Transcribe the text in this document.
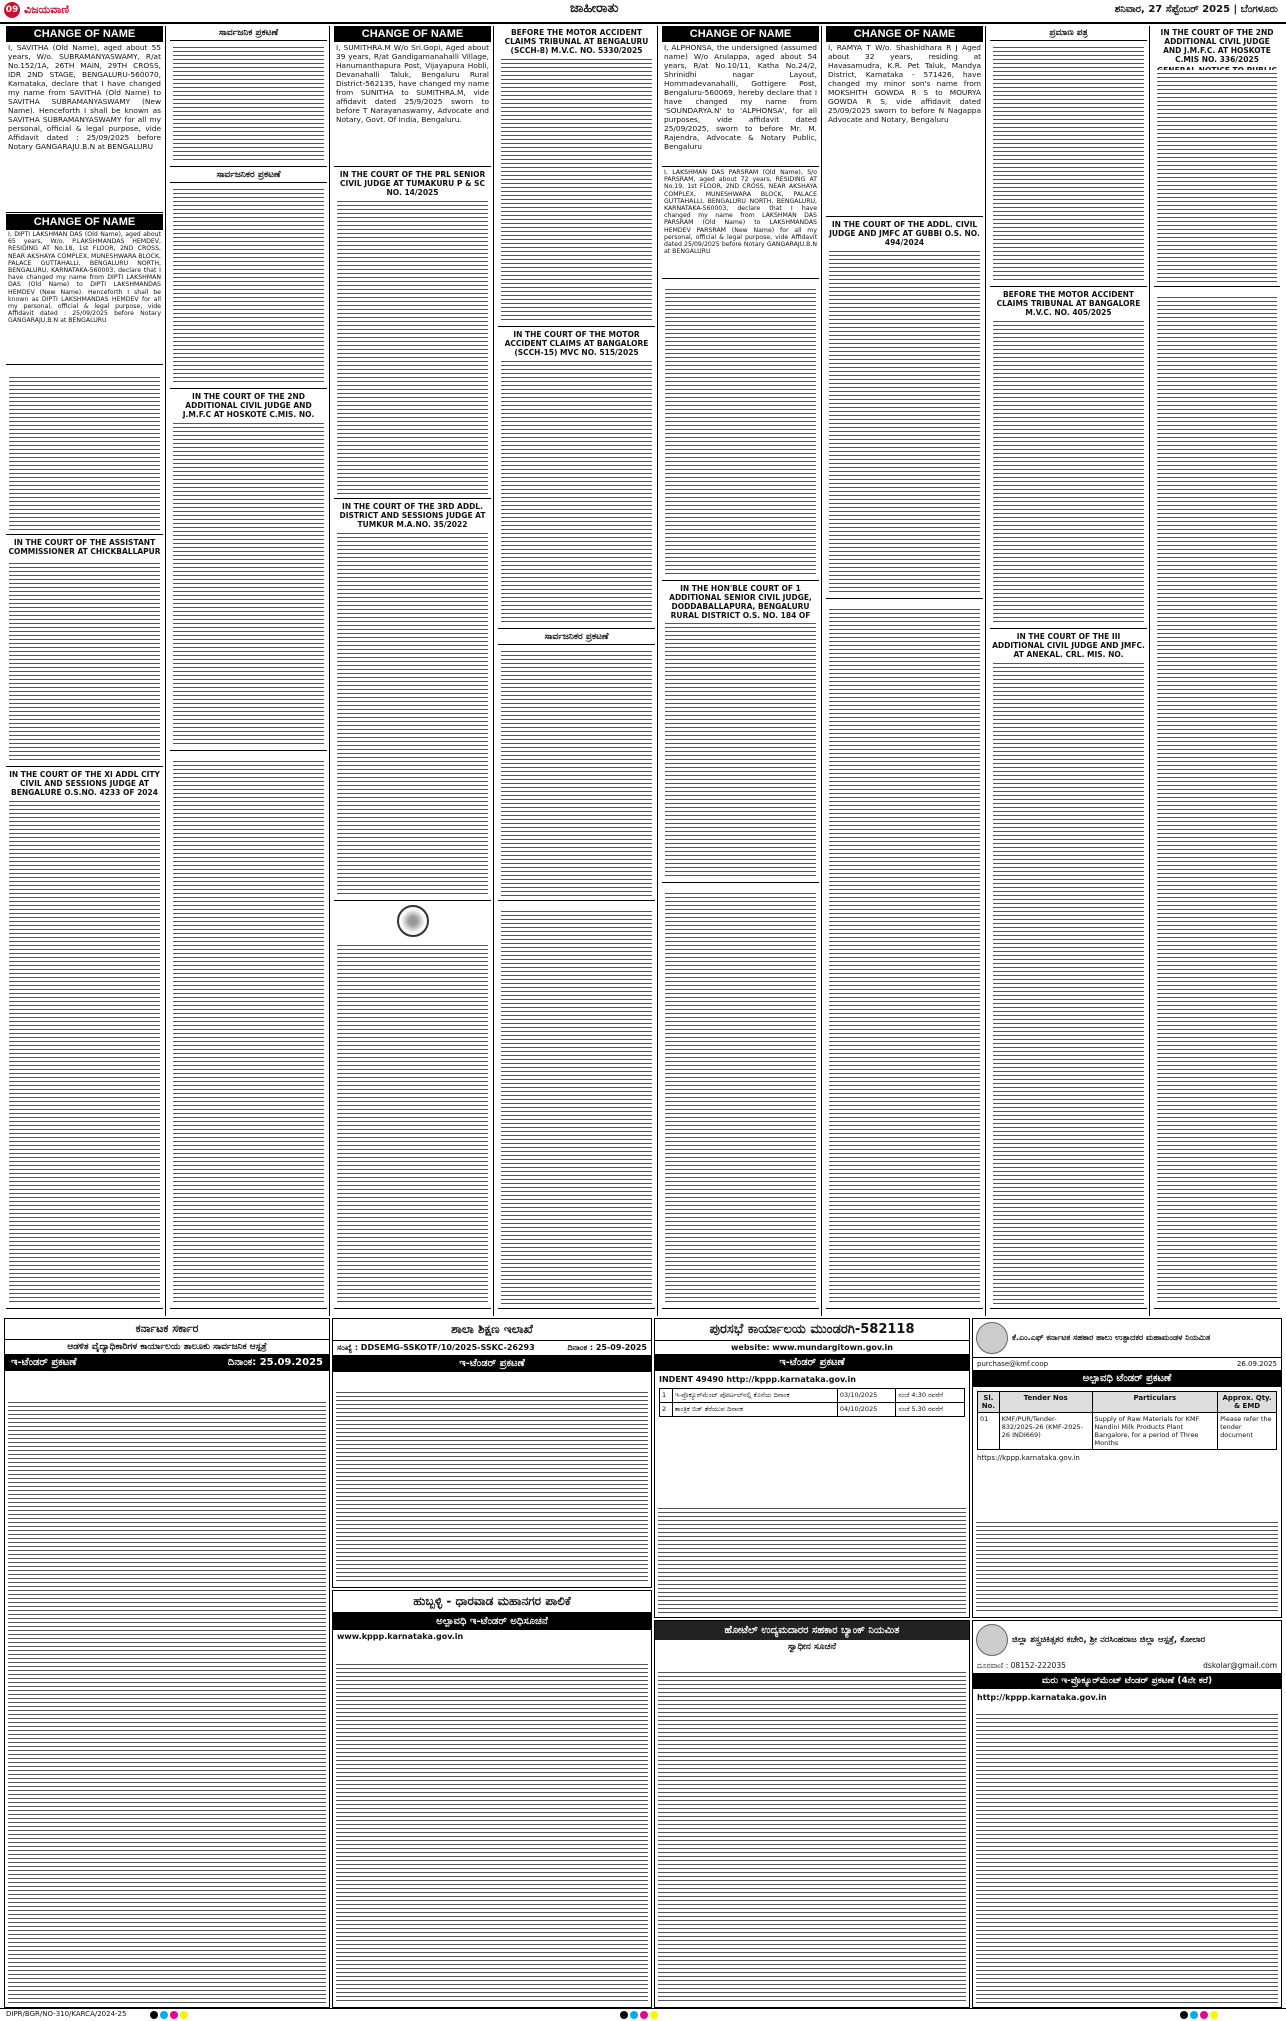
09 ವಿಜಯವಾಣಿ	ಜಾಹೀರಾತು	ಶನಿವಾರ, 27 ಸೆಪ್ಟೆಂಬರ್ 2025 | ಬೆಂಗಳೂರು
CHANGE OF NAME
I, SAVITHA (Old Name), aged about 55 years, W/o. SUBRAMANYASWAMY, R/at No.152/1A, 26TH MAIN, 29TH CROSS, IDR 2ND STAGE, BENGALURU-560070, Karnataka, declare that I have changed my name from SAVITHA (Old Name) to SAVITHA SUBRAMANYASWAMY (New Name). Henceforth I shall be known as SAVITHA SUBRAMANYASWAMY for all my personal, official & legal purpose, vide Affidavit dated : 25/09/2025 before Notary GANGARAJU.B.N at BENGALURU
CHANGE OF NAME
I, DIPTI LAKSHMAN DAS (Old Name), aged about 65 years, W/o. P.LAKSHMANDAS HEMDEV, RESIDING AT No.18, 1st FLOOR, 2ND CROSS, NEAR AKSHAYA COMPLEX, MUNESHWARA BLOCK, PALACE GUTTAHALLI, BENGALURU NORTH, BENGALURU, KARNATAKA-560003, declare that I have changed my name from DIPTI LAKSHMAN DAS (Old Name) to DIPTI LAKSHMANDAS HEMDEV (New Name). Henceforth I shall be known as DIPTI LAKSHMANDAS HEMDEV for all my personal, official & legal purpose, vide Affidavit dated : 25/09/2025 before Notary GANGARAJU.B.N at BENGALURU
IN THE COURT OF THE ASSISTANT COMMISSIONER AT CHICKBALLAPUR
IN THE COURT OF THE XI ADDL CITY CIVIL AND SESSIONS JUDGE AT BENGALURE O.S.NO. 4233 OF 2024
ಸಾರ್ವಜನಿಕ ಪ್ರಕಟಣೆ
ಸಾರ್ವಜನಿಕರ ಪ್ರಕಟಣೆ
IN THE COURT OF THE 2ND ADDITIONAL CIVIL JUDGE AND J.M.F.C AT HOSKOTE C.MIS. NO.
CHANGE OF NAME
I, SUMITHRA.M W/o Sri.Gopi, Aged about 39 years, R/at Gandigamanahalli Village, Hanumanthapura Post, Vijayapura Hobli, Devanahalli Taluk, Bengaluru Rural District-562135, have changed my name from SUNITHA to SUMITHRA.M, vide affidavit dated 25/9/2025 sworn to before T Narayanaswamy, Advocate and Notary, Govt. Of India, Bengaluru.
IN THE COURT OF THE PRL SENIOR CIVIL JUDGE AT TUMAKURU P & SC NO. 14/2025
IN THE COURT OF THE 3RD ADDL. DISTRICT AND SESSIONS JUDGE AT TUMKUR M.A.NO. 35/2022
BEFORE THE MOTOR ACCIDENT CLAIMS TRIBUNAL AT BENGALURU (SCCH-8) M.V.C. NO. 5330/2025
IN THE COURT OF THE MOTOR ACCIDENT CLAIMS AT BANGALORE (SCCH-15) MVC NO. 515/2025
ಸಾರ್ವಜನಿಕರ ಪ್ರಕಟಣೆ
CHANGE OF NAME
I, ALPHONSA, the undersigned (assumed name) W/o Arulappa, aged about 54 years, R/at No.10/11, Katha No.24/2, Shrinidhi nagar Layout, Hommadevanahalli, Gottigere Post, Bengaluru-560069, hereby declare that I have changed my name from 'SOUNDARYA.N' to 'ALPHONSA', for all purposes, vide affidavit dated 25/09/2025, sworn to before Mr. M. Rajendra, Advocate & Notary Public, Bengaluru
I, LAKSHMAN DAS PARSRAM (Old Name), S/o PARSRAM, aged about 72 years, RESIDING AT No.19, 1st FLOOR, 2ND CROSS, NEAR AKSHAYA COMPLEX, MUNESHWARA BLOCK, PALACE GUTTAHALLI, BENGALURU NORTH, BENGALURU, KARNATAKA-560003, declare that I have changed my name from LAKSHMAN DAS PARSRAM (Old Name) to LAKSHMANDAS HEMDEV PARSRAM (New Name) for all my personal, official & legal purpose, vide Affidavit dated 25/09/2025 before Notary GANGARAJU.B.N at BENGALURU
IN THE HON'BLE COURT OF 1 ADDITIONAL SENIOR CIVIL JUDGE, DODDABALLAPURA, BENGALURU RURAL DISTRICT O.S. NO. 184 OF
CHANGE OF NAME
I, RAMYA T W/o. Shashidhara R J Aged about 32 years, residing at Havasamudra, K.R. Pet Taluk, Mandya District, Karnataka - 571426, have changed my minor son's name from MOKSHITH GOWDA R S to MOURYA GOWDA R S, vide affidavit dated 25/09/2025 sworn to before N Nagappa Advocate and Notary, Bengaluru
IN THE COURT OF THE ADDL. CIVIL JUDGE AND JMFC AT GUBBI O.S. NO. 494/2024
ಪ್ರಮಾಣ ಪತ್ರ
BEFORE THE MOTOR ACCIDENT CLAIMS TRIBUNAL AT BANGALORE M.V.C. NO. 405/2025
IN THE COURT OF THE III ADDITIONAL CIVIL JUDGE AND JMFC. AT ANEKAL. CRL. MIS. NO.
IN THE COURT OF THE 2ND ADDITIONAL CIVIL JUDGE AND J.M.F.C. AT HOSKOTE C.MIS NO. 336/2025
ಕರ್ನಾಟಕ ಸರ್ಕಾರ
ಆಡಳಿತ ವೈದ್ಯಾಧಿಕಾರಿಗಳ ಕಾರ್ಯಾಲಯ ತಾಲೂಕು ಸಾರ್ವಜನಿಕ ಆಸ್ಪತ್ರೆ
ಇ-ಟೆಂಡರ್ ಪ್ರಕಟಣೆ	ದಿನಾಂಕ: 25.09.2025
ಶಾಲಾ ಶಿಕ್ಷಣ ಇಲಾಖೆ
ಸಂಖ್ಯೆ : DDSEMG-SSKOTF/10/2025-SSKC-26293	ದಿನಾಂಕ : 25-09-2025
ಇ-ಟೆಂಡರ್ ಪ್ರಕಟಣೆ
ಹುಬ್ಬಳ್ಳಿ - ಧಾರವಾಡ ಮಹಾನಗರ ಪಾಲಿಕೆ
ಅಲ್ಪಾವಧಿ ಇ-ಟೆಂಡರ್ ಅಧಿಸೂಚನೆ
www.kppp.karnataka.gov.in
ಪುರಸಭೆ ಕಾರ್ಯಾಲಯ ಮುಂಡರಗಿ-582118
website: www.mundargitown.gov.in
ಇ-ಟೆಂಡರ್ ಪ್ರಕಟಣೆ
INDENT 49490 http://kppp.karnataka.gov.in
1	ಇ-ಪ್ರೊಕ್ಯೂರ್‌ಮೆಂಟ್ ಪೋರ್ಟಲ್‌ನಲ್ಲಿ ಕೊನೆಯ ದಿನಾಂಕ	03/10/2025	ಸಂಜೆ 4:30 ರವರೆಗೆ
2	ತಾಂತ್ರಿಕ ಬಿಡ್ ತೆರೆಯುವ ದಿನಾಂಕ	04/10/2025	ಸಂಜೆ 5.30 ರವರೆಗೆ
ಹೋಟೆಲ್ ಉದ್ಯಮದಾರರ ಸಹಕಾರ ಬ್ಯಾಂಕ್ ನಿಯಮಿತ
ಸ್ವಾಧೀನ ಸೂಚನೆ
ಕೆ.ಎಂ.ಎಫ್ ಕರ್ನಾಟಕ ಸಹಕಾರ ಹಾಲು ಉತ್ಪಾದಕರ ಮಹಾಮಂಡಳ ನಿಯಮಿತ
purchase@kmf.coop	26.09.2025
ಅಲ್ಪಾವಧಿ ಟೆಂಡರ್ ಪ್ರಕಟಣೆ
Sl. No.	Tender Nos	Particulars	Approx. Qty. & EMD
01	KMF/PUR/Tender-832/2025-26 (KMF-2025-26 INDI669)	Supply of Raw Materials for KMF Nandini Milk Products Plant Bangalore, for a period of Three Months	Please refer the tender document
https://kppp.karnataka.gov.in
ಜಿಲ್ಲಾ ಶಸ್ತ್ರಚಿಕಿತ್ಸಕರ ಕಚೇರಿ, ಶ್ರೀ ನರಸಿಂಹರಾಜ ಜಿಲ್ಲಾ ಆಸ್ಪತ್ರೆ, ಕೋಲಾರ
ದೂರವಾಣಿ : 08152-222035	dskolar@gmail.com
ಮರು ಇ-ಪ್ರೊಕ್ಯೂರ್‌ಮೆಂಟ್ ಟೆಂಡರ್ ಪ್ರಕಟಣೆ (4ನೇ ಕರೆ)
http://kppp.karnataka.gov.in
DIPR/BGR/NO-310/KARCA/2024-25
